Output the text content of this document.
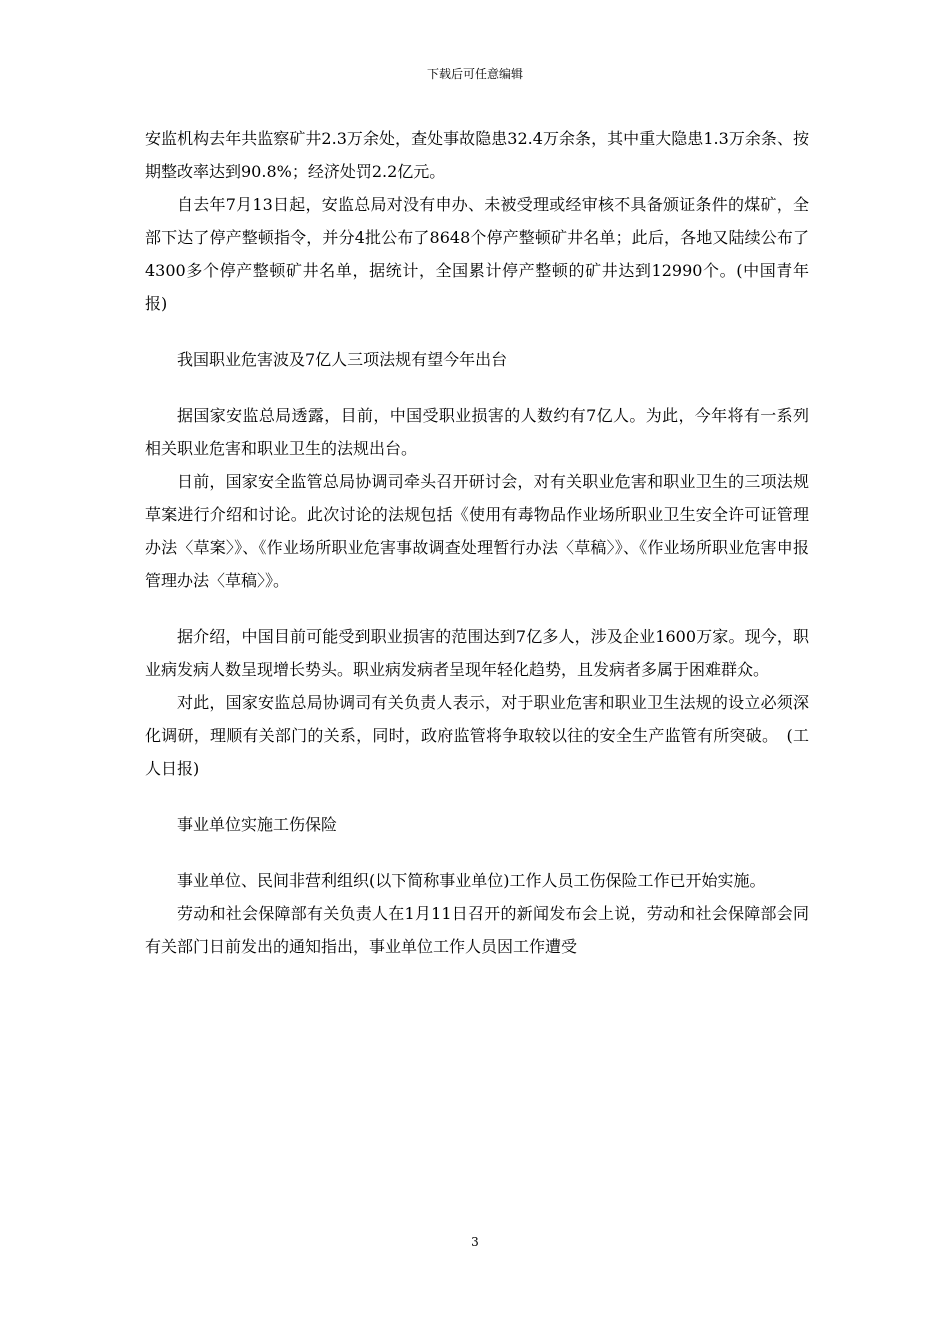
下载后可任意编辑

安监机构去年共监察矿井2.3万余处，查处事故隐患32.4万余条，其中重大隐患1.3万余条、按期整改率达到90.8%；经济处罚2.2亿元。

自去年7月13日起，安监总局对没有申办、未被受理或经审核不具备颁证条件的煤矿，全部下达了停产整顿指令，并分4批公布了8648个停产整顿矿井名单；此后，各地又陆续公布了4300多个停产整顿矿井名单，据统计，全国累计停产整顿的矿井达到12990个。(中国青年报)

我国职业危害波及7亿人三项法规有望今年出台

据国家安监总局透露，目前，中国受职业损害的人数约有7亿人。为此，今年将有一系列相关职业危害和职业卫生的法规出台。

日前，国家安全监管总局协调司牵头召开研讨会，对有关职业危害和职业卫生的三项法规草案进行介绍和讨论。此次讨论的法规包括《使用有毒物品作业场所职业卫生安全许可证管理办法〈草案〉》、《作业场所职业危害事故调查处理暂行办法〈草稿〉》、《作业场所职业危害申报管理办法〈草稿〉》。

据介绍，中国目前可能受到职业损害的范围达到7亿多人，涉及企业1600万家。现今，职业病发病人数呈现增长势头。职业病发病者呈现年轻化趋势，且发病者多属于困难群众。

对此，国家安监总局协调司有关负责人表示，对于职业危害和职业卫生法规的设立必须深化调研，理顺有关部门的关系，同时，政府监管将争取较以往的安全生产监管有所突破。　(工人日报)

事业单位实施工伤保险

事业单位、民间非营利组织(以下简称事业单位)工作人员工伤保险工作已开始实施。

劳动和社会保障部有关负责人在1月11日召开的新闻发布会上说，劳动和社会保障部会同有关部门日前发出的通知指出，事业单位工作人员因工作遭受

3
